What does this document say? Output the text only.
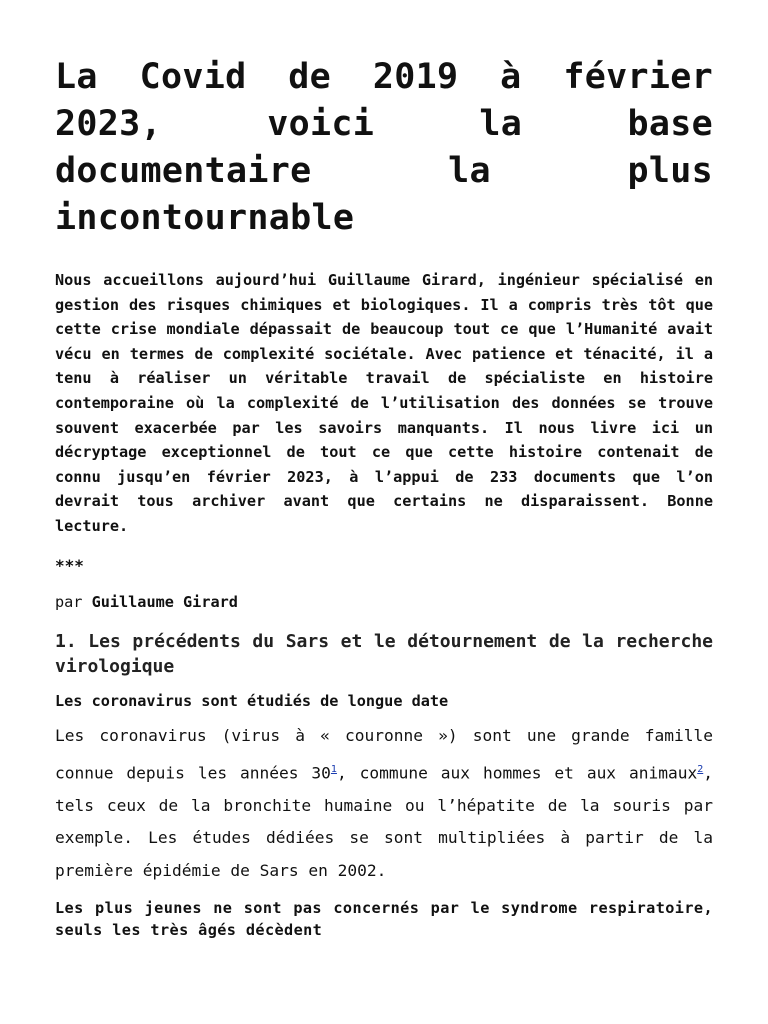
La Covid de 2019 à février 2023, voici la base documentaire la plus incontournable

Nous accueillons aujourd’hui Guillaume Girard, ingénieur spécialisé en gestion des risques chimiques et biologiques. Il a compris très tôt que cette crise mondiale dépassait de beaucoup tout ce que l’Humanité avait vécu en termes de complexité sociétale. Avec patience et ténacité, il a tenu à réaliser un véritable travail de spécialiste en histoire contemporaine où la complexité de l’utilisation des données se trouve souvent exacerbée par les savoirs manquants. Il nous livre ici un décryptage exceptionnel de tout ce que cette histoire contenait de connu jusqu’en février 2023, à l’appui de 233 documents que l’on devrait tous archiver avant que certains ne disparaissent. Bonne lecture.

***
par Guillaume Girard
1. Les précédents du Sars et le détournement de la recherche virologique
Les coronavirus sont étudiés de longue date

Les coronavirus (virus à « couronne ») sont une grande famille connue depuis les années 30$^1$, commune aux hommes et aux animaux$^2$, tels ceux de la bronchite humaine ou l’hépatite de la souris par exemple. Les études dédiées se sont multipliées à partir de la première épidémie de Sars en 2002.

Les plus jeunes ne sont pas concernés par le syndrome respiratoire, seuls les très âgés décèdent
